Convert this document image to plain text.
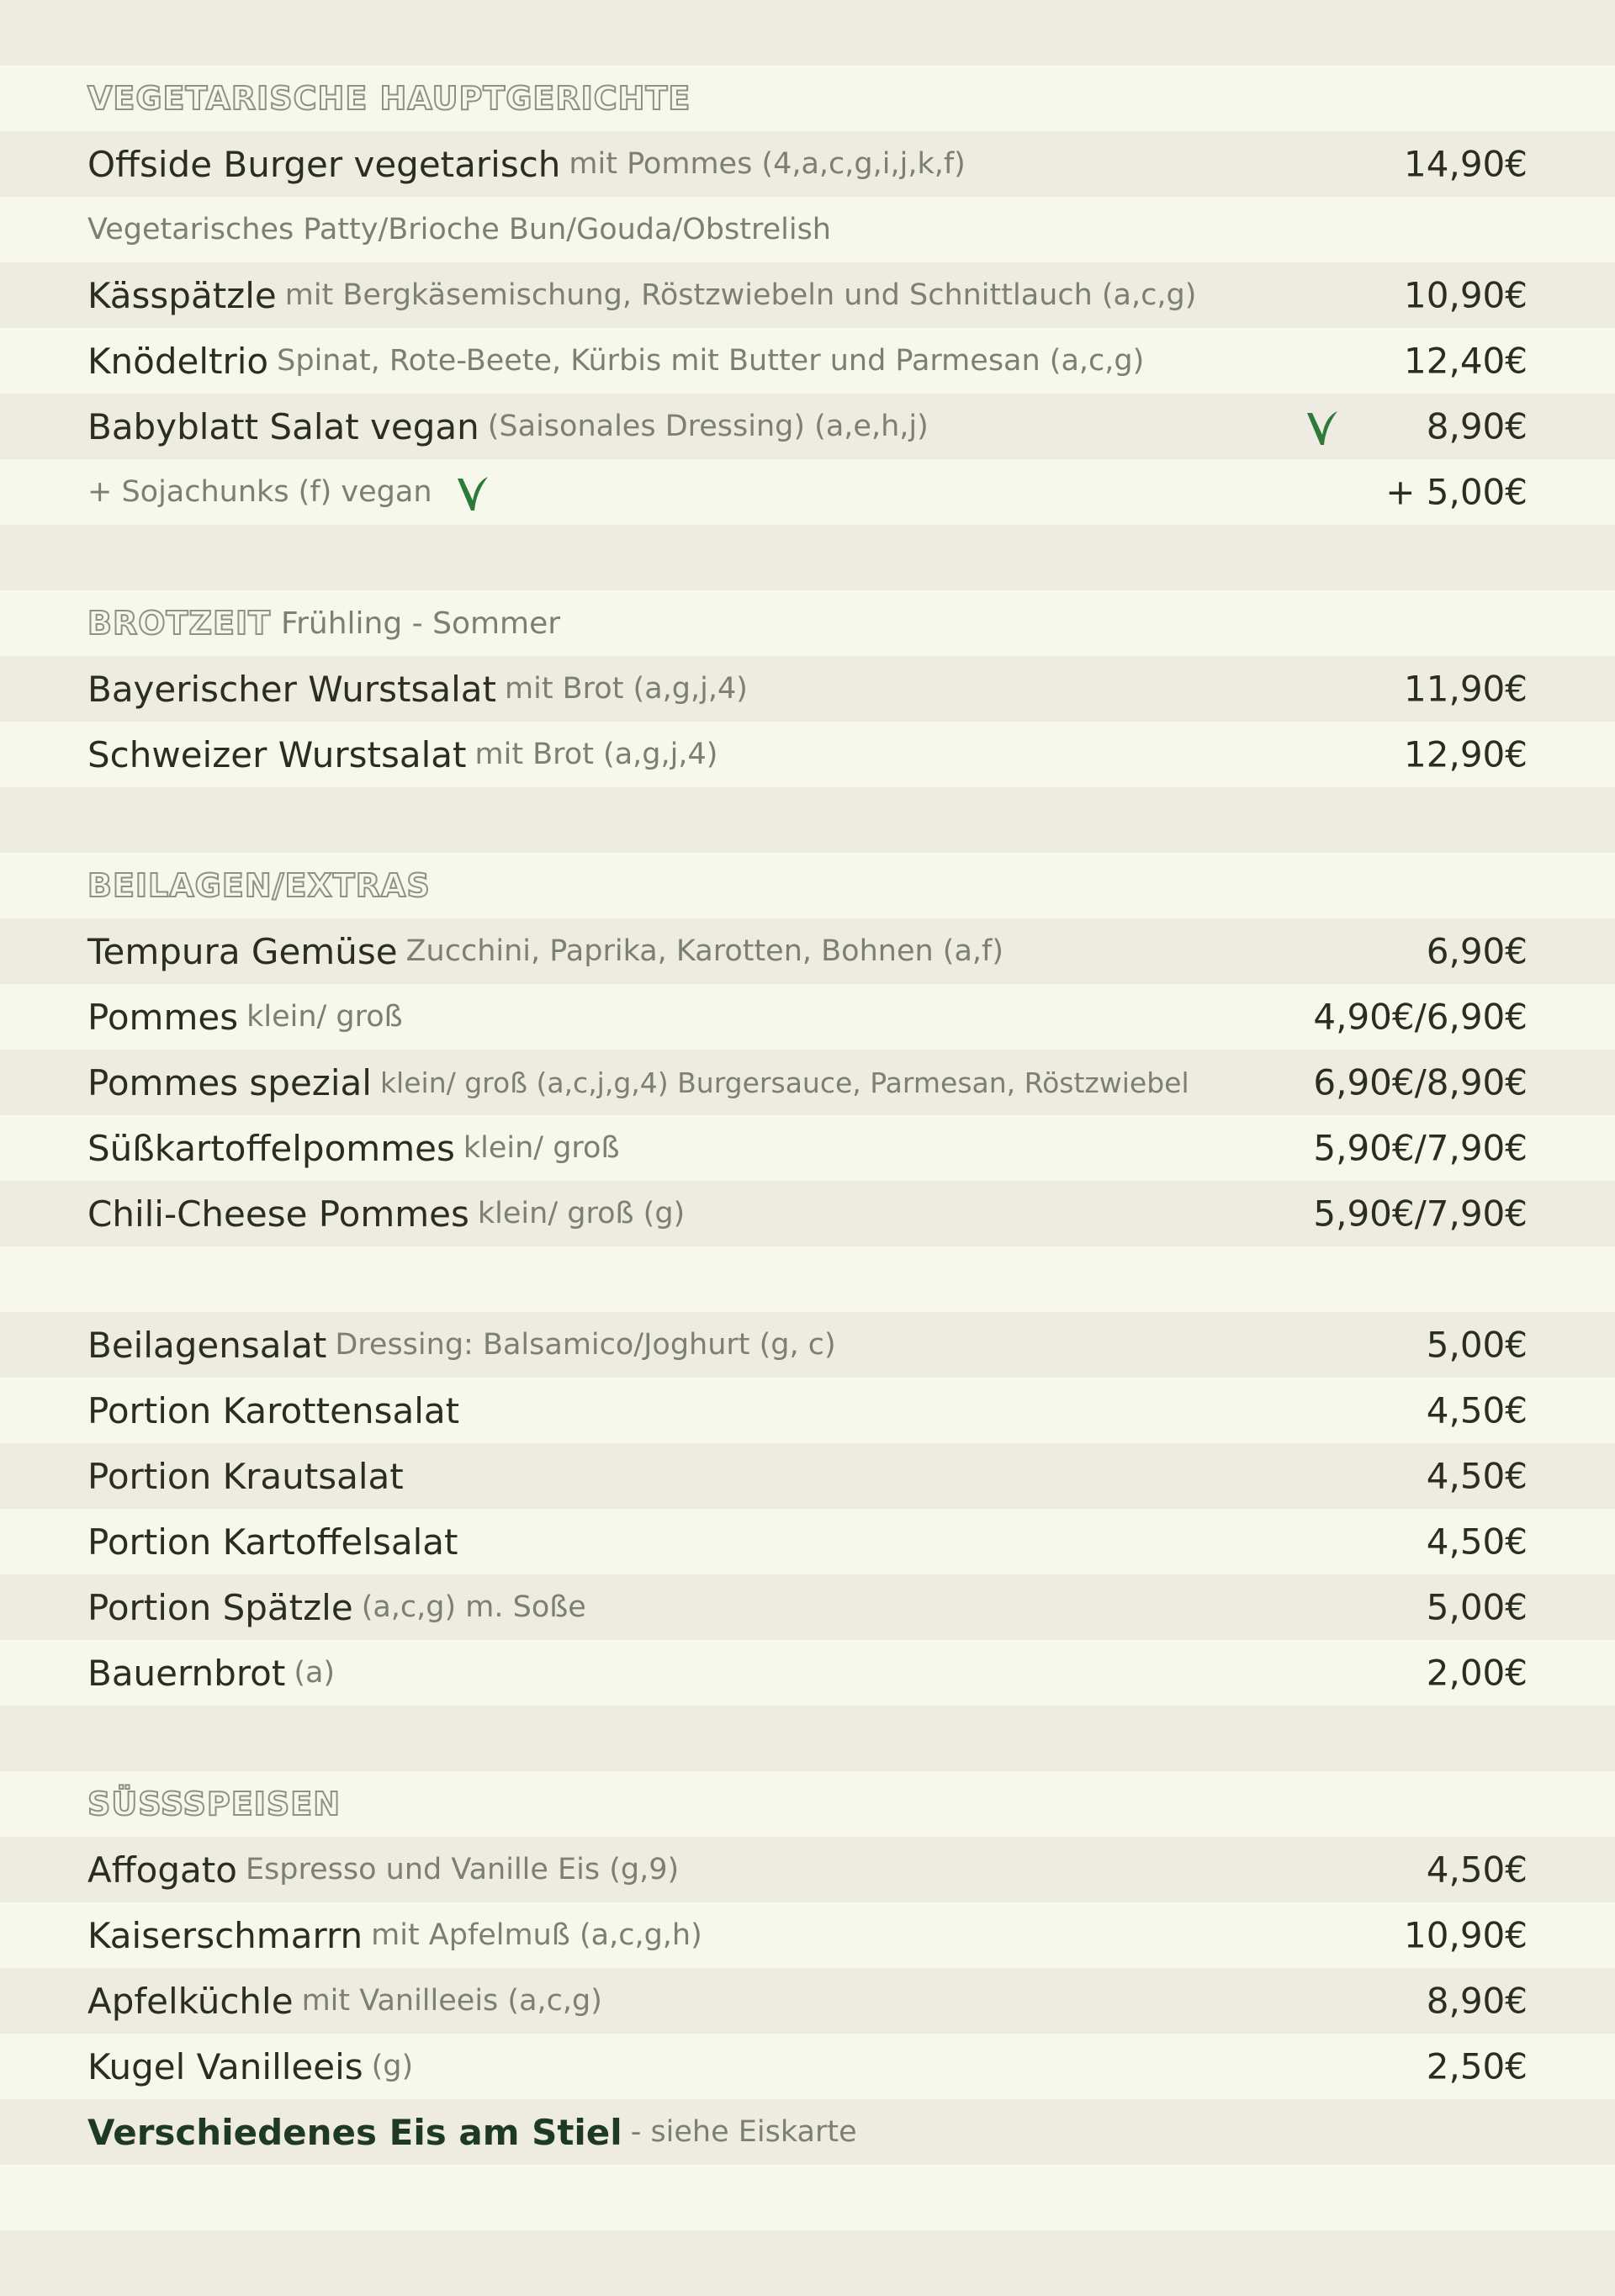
VEGETARISCHE HAUPTGERICHTE
Offside Burger vegetarisch mit Pommes (4,a,c,g,i,j,k,f)	14,90€
Vegetarisches Patty/Brioche Bun/Gouda/Obstrelish
Kässpätzle mit Bergkäsemischung, Röstzwiebeln und Schnittlauch (a,c,g)	10,90€
Knödeltrio Spinat, Rote-Beete, Kürbis mit Butter und Parmesan (a,c,g)	12,40€
Babyblatt Salat vegan (Saisonales Dressing) (a,e,h,j)	8,90€
+ Sojachunks (f) vegan	+ 5,00€
BROTZEIT Frühling - Sommer
Bayerischer Wurstsalat mit Brot (a,g,j,4)	11,90€
Schweizer Wurstsalat mit Brot (a,g,j,4)	12,90€
BEILAGEN/EXTRAS
Tempura Gemüse Zucchini, Paprika, Karotten, Bohnen (a,f)	6,90€
Pommes klein/ groß	4,90€/6,90€
Pommes spezial klein/ groß (a,c,j,g,4) Burgersauce, Parmesan, Röstzwiebel	6,90€/8,90€
Süßkartoffelpommes klein/ groß	5,90€/7,90€
Chili-Cheese Pommes klein/ groß (g)	5,90€/7,90€
Beilagensalat Dressing: Balsamico/Joghurt (g, c)	5,00€
Portion Karottensalat	4,50€
Portion Krautsalat	4,50€
Portion Kartoffelsalat	4,50€
Portion Spätzle (a,c,g) m. Soße	5,00€
Bauernbrot (a)	2,00€
SÜSSSPEISEN
Affogato Espresso und Vanille Eis (g,9)	4,50€
Kaiserschmarrn mit Apfelmuß (a,c,g,h)	10,90€
Apfelküchle mit Vanilleeis (a,c,g)	8,90€
Kugel Vanilleeis (g)	2,50€
Verschiedenes Eis am Stiel - siehe Eiskarte
